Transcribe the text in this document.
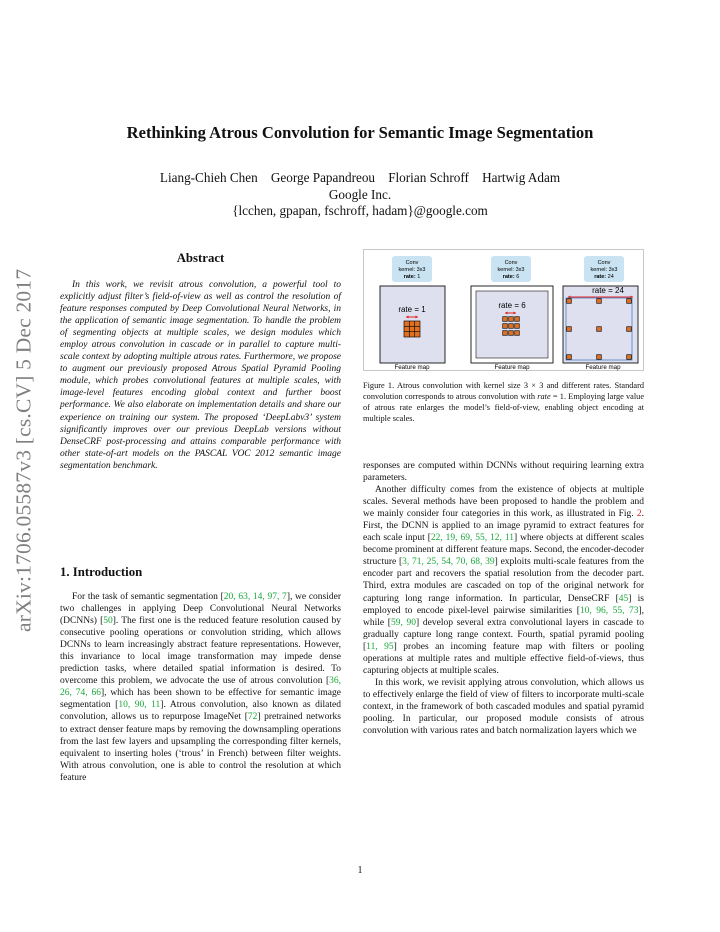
arXiv:1706.05587v3 [cs.CV] 5 Dec 2017
Rethinking Atrous Convolution for Semantic Image Segmentation
Liang-Chieh Chen    George Papandreou    Florian Schroff    Hartwig Adam
Google Inc.
{lcchen, gpapan, fschroff, hadam}@google.com
Abstract

In this work, we revisit atrous convolution, a powerful tool to explicitly adjust filter’s field-of-view as well as control the resolution of feature responses computed by Deep Convolutional Neural Networks, in the application of semantic image segmentation. To handle the problem of segmenting objects at multiple scales, we design modules which employ atrous convolution in cascade or in parallel to capture multi-scale context by adopting multiple atrous rates. Furthermore, we propose to augment our previously proposed Atrous Spatial Pyramid Pooling module, which probes convolutional features at multiple scales, with image-level features encoding global context and further boost performance. We also elaborate on implementation details and share our experience on training our system. The proposed ‘DeepLabv3’ system significantly improves over our previous DeepLab versions without DenseCRF post-processing and attains comparable performance with other state-of-art models on the PASCAL VOC 2012 semantic image segmentation benchmark.

1. Introduction
For the task of semantic segmentation [20, 63, 14, 97, 7], we consider two challenges in applying Deep Convolutional Neural Networks (DCNNs) [50]. The first one is the reduced feature resolution caused by consecutive pooling operations or convolution striding, which allows DCNNs to learn increasingly abstract feature representations. However, this invariance to local image transformation may impede dense prediction tasks, where detailed spatial information is desired. To overcome this problem, we advocate the use of atrous convolution [36, 26, 74, 66], which has been shown to be effective for semantic image segmentation [10, 90, 11]. Atrous convolution, also known as dilated convolution, allows us to repurpose ImageNet [72] pretrained networks to extract denser feature maps by removing the downsampling operations from the last few layers and upsampling the corresponding filter kernels, equivalent to inserting holes (‘trous’ in French) between filter weights. With atrous convolution, one is able to control the resolution at which feature
Conv
kernel: 3x3
rate: 1
rate = 1
Feature map
Conv
kernel: 3x3
rate: 6
rate = 6
Feature map
Conv
kernel: 3x3
rate: 24
rate = 24
Feature map
Figure 1. Atrous convolution with kernel size 3 × 3 and different rates. Standard convolution corresponds to atrous convolution with rate = 1. Employing large value of atrous rate enlarges the model’s field-of-view, enabling object encoding at multiple scales.
responses are computed within DCNNs without requiring learning extra parameters.
Another difficulty comes from the existence of objects at multiple scales. Several methods have been proposed to handle the problem and we mainly consider four categories in this work, as illustrated in Fig. 2. First, the DCNN is applied to an image pyramid to extract features for each scale input [22, 19, 69, 55, 12, 11] where objects at different scales become prominent at different feature maps. Second, the encoder-decoder structure [3, 71, 25, 54, 70, 68, 39] exploits multi-scale features from the encoder part and recovers the spatial resolution from the decoder part. Third, extra modules are cascaded on top of the original network for capturing long range information. In particular, DenseCRF [45] is employed to encode pixel-level pairwise similarities [10, 96, 55, 73], while [59, 90] develop several extra convolutional layers in cascade to gradually capture long range context. Fourth, spatial pyramid pooling [11, 95] probes an incoming feature map with filters or pooling operations at multiple rates and multiple effective field-of-views, thus capturing objects at multiple scales.
In this work, we revisit applying atrous convolution, which allows us to effectively enlarge the field of view of filters to incorporate multi-scale context, in the framework of both cascaded modules and spatial pyramid pooling. In particular, our proposed module consists of atrous convolution with various rates and batch normalization layers which we
1
